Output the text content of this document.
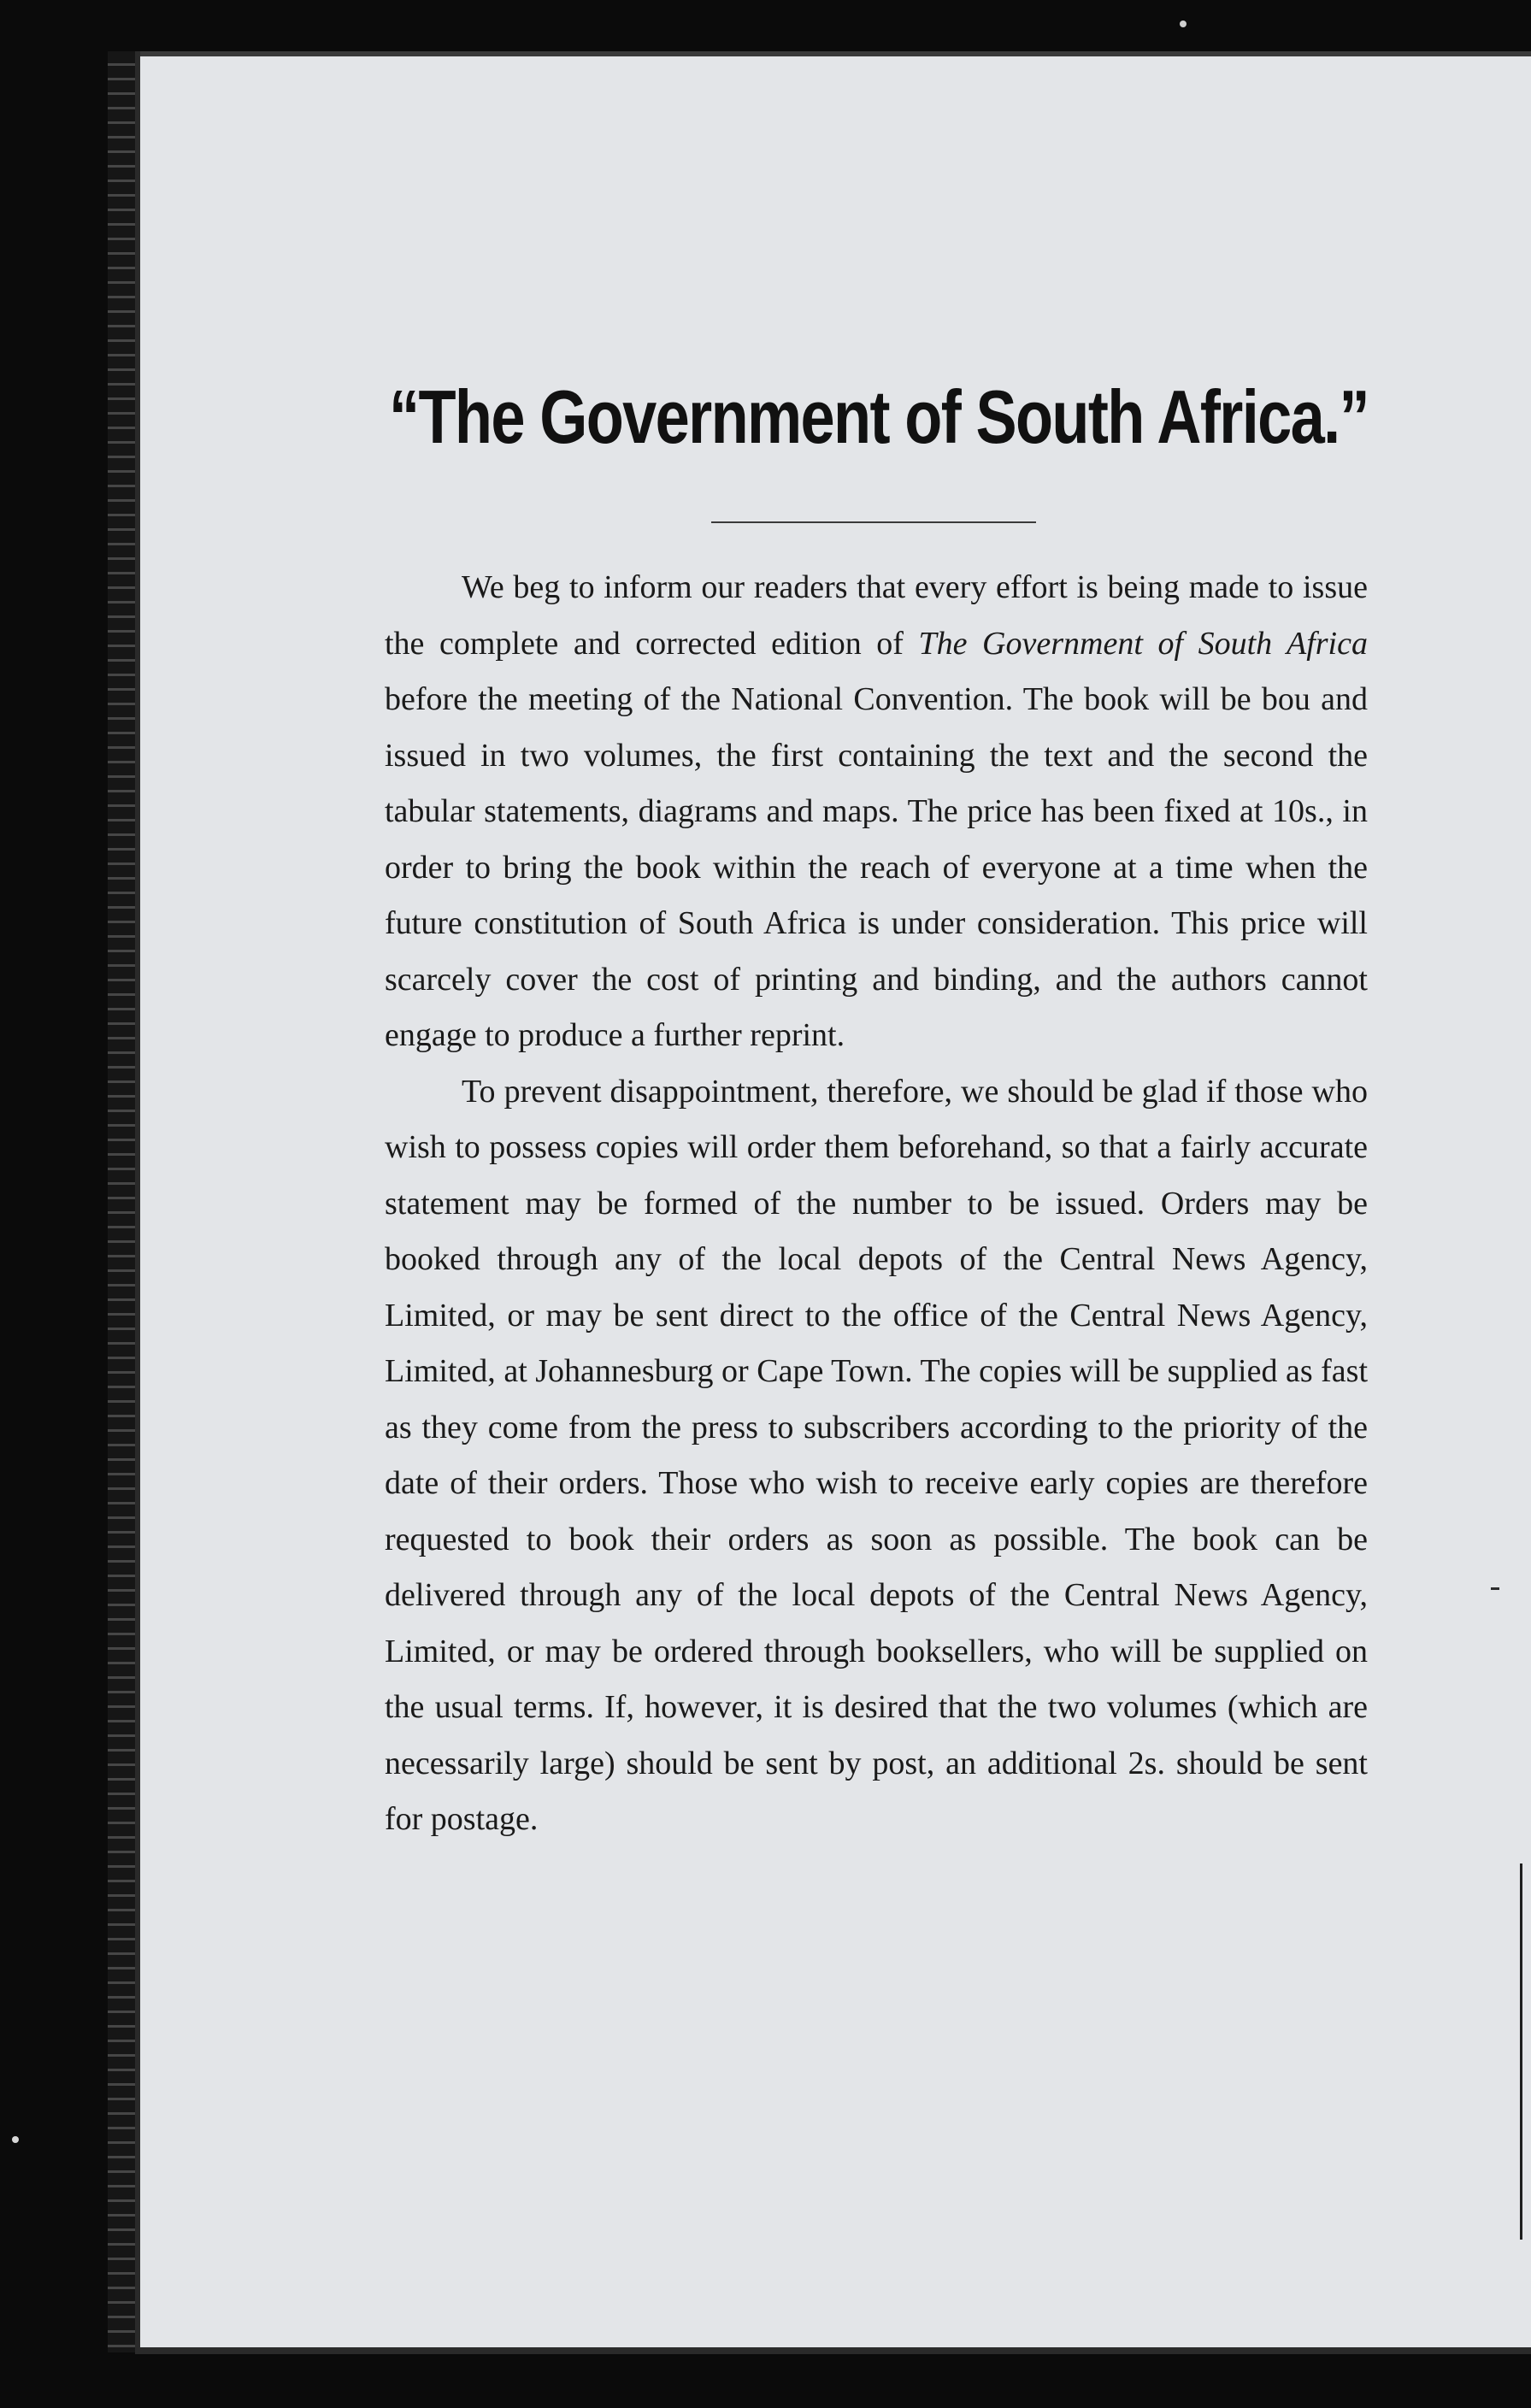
“The Government of South Africa.”

We beg to inform our readers that every effort is being made to issue the complete and corrected edition of The Government of South Africa before the meeting of the National Convention. The book will be bou and issued in two volumes, the first containing the text and the second the tabular statements, diagrams and maps. The price has been fixed at 10s., in order to bring the book within the reach of everyone at a time when the future constitution of South Africa is under consideration. This price will scarcely cover the cost of printing and binding, and the authors cannot engage to produce a further reprint.

To prevent disappointment, therefore, we should be glad if those who wish to possess copies will order them beforehand, so that a fairly accurate statement may be formed of the number to be issued. Orders may be booked through any of the local depots of the Central News Agency, Limited, or may be sent direct to the office of the Central News Agency, Limited, at Johannesburg or Cape Town. The copies will be supplied as fast as they come from the press to subscribers according to the priority of the date of their orders. Those who wish to receive early copies are therefore requested to book their orders as soon as possible. The book can be delivered through any of the local depots of the Central News Agency, Limited, or may be ordered through booksellers, who will be supplied on the usual terms. If, however, it is desired that the two volumes (which are necessarily large) should be sent by post, an additional 2s. should be sent for postage.
